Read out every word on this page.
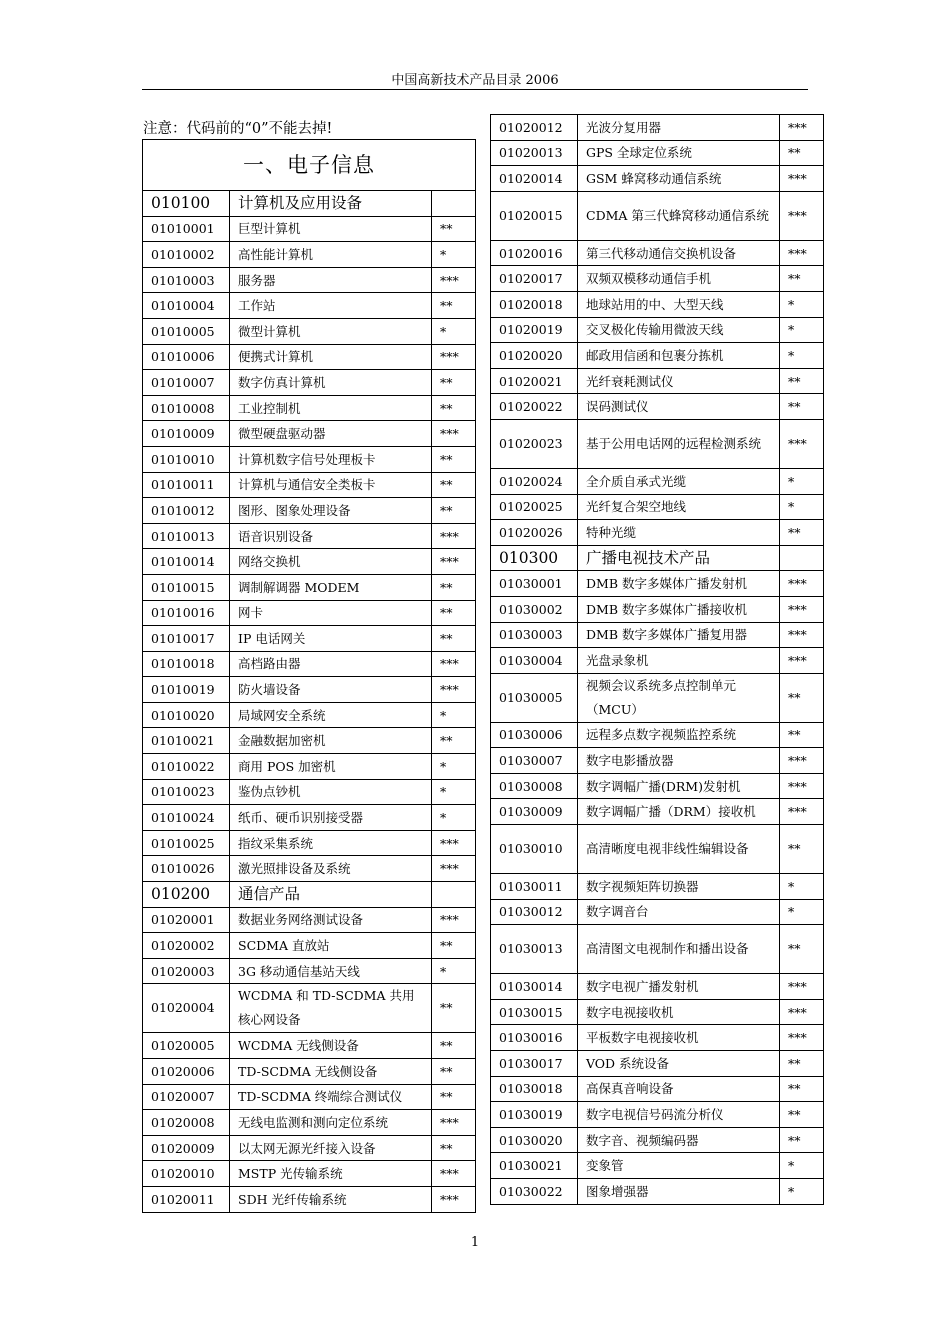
中国高新技术产品目录 2006
注意：代码前的“0”不能去掉!
一、电子信息		
010100	计算机及应用设备	
01010001	巨型计算机	**
01010002	高性能计算机	*
01010003	服务器	***
01010004	工作站	**
01010005	微型计算机	*
01010006	便携式计算机	***
01010007	数字仿真计算机	**
01010008	工业控制机	**
01010009	微型硬盘驱动器	***
01010010	计算机数字信号处理板卡	**
01010011	计算机与通信安全类板卡	**
01010012	图形、图象处理设备	**
01010013	语音识别设备	***
01010014	网络交换机	***
01010015	调制解调器 MODEM	**
01010016	网卡	**
01010017	IP 电话网关	**
01010018	高档路由器	***
01010019	防火墙设备	***
01010020	局域网安全系统	*
01010021	金融数据加密机	**
01010022	商用 POS 加密机	*
01010023	鉴伪点钞机	*
01010024	纸币、硬币识别接受器	*
01010025	指纹采集系统	***
01010026	激光照排设备及系统	***
010200	通信产品	
01020001	数据业务网络测试设备	***
01020002	SCDMA 直放站	**
01020003	3G 移动通信基站天线	*
01020004	WCDMA 和 TD-SCDMA 共用核心网设备	**
01020005	WCDMA 无线侧设备	**
01020006	TD-SCDMA 无线侧设备	**
01020007	TD-SCDMA 终端综合测试仪	**
01020008	无线电监测和测向定位系统	***
01020009	以太网无源光纤接入设备	**
01020010	MSTP 光传输系统	***
01020011	SDH 光纤传输系统	***
01020012	光波分复用器	***
01020013	GPS 全球定位系统	**
01020014	GSM 蜂窝移动通信系统	***
01020015	CDMA 第三代蜂窝移动通信系统	***
01020016	第三代移动通信交换机设备	***
01020017	双频双模移动通信手机	**
01020018	地球站用的中、大型天线	*
01020019	交叉极化传输用微波天线	*
01020020	邮政用信函和包裹分拣机	*
01020021	光纤衰耗测试仪	**
01020022	误码测试仪	**
01020023	基于公用电话网的远程检测系统	***
01020024	全介质自承式光缆	*
01020025	光纤复合架空地线	*
01020026	特种光缆	**
010300	广播电视技术产品	
01030001	DMB 数字多媒体广播发射机	***
01030002	DMB 数字多媒体广播接收机	***
01030003	DMB 数字多媒体广播复用器	***
01030004	光盘录象机	***
01030005	视频会议系统多点控制单元（MCU）	**
01030006	远程多点数字视频监控系统	**
01030007	数字电影播放器	***
01030008	数字调幅广播(DRM)发射机	***
01030009	数字调幅广播（DRM）接收机	***
01030010	高清晰度电视非线性编辑设备	**
01030011	数字视频矩阵切换器	*
01030012	数字调音台	*
01030013	高清图文电视制作和播出设备	**
01030014	数字电视广播发射机	***
01030015	数字电视接收机	***
01030016	平板数字电视接收机	***
01030017	VOD 系统设备	**
01030018	高保真音响设备	**
01030019	数字电视信号码流分析仪	**
01030020	数字音、视频编码器	**
01030021	变象管	*
01030022	图象增强器	*
1
